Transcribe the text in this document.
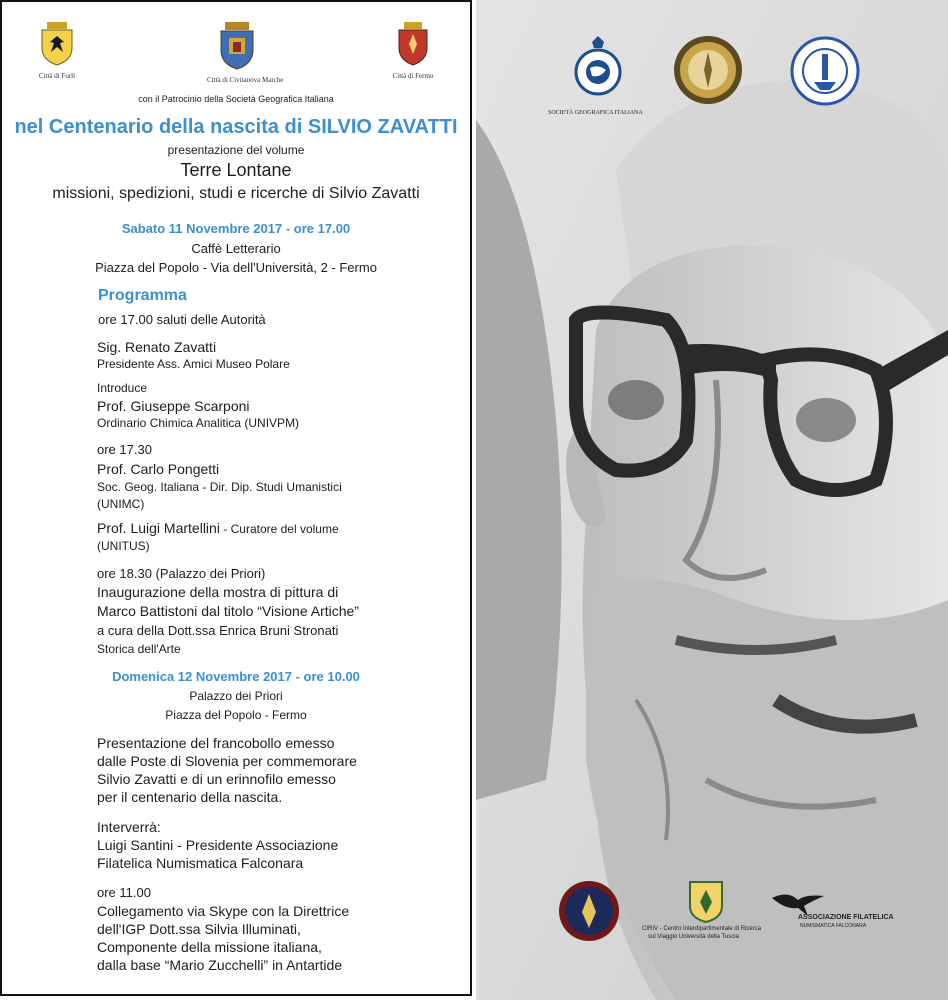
Città di Forlì	Città di Civitanova Marche	Città di Fermo
con il Patrocinio della Società Geografica Italiana
nel Centenario della nascita di SILVIO ZAVATTI
presentazione del volume
Terre Lontane
missioni, spedizioni, studi e ricerche di Silvio Zavatti
Sabato 11 Novembre 2017 - ore 17.00
Caffè Letterario
Piazza del Popolo - Via dell'Università, 2 - Fermo
Programma
ore 17.00 saluti delle Autorità
Sig. Renato Zavatti
Presidente Ass. Amici Museo Polare
Introduce
Prof. Giuseppe Scarponi
Ordinario Chimica Analitica (UNIVPM)
ore 17.30
Prof. Carlo Pongetti
Soc. Geog. Italiana - Dir. Dip. Studi Umanistici
(UNIMC)
Prof. Luigi Martellini - Curatore del volume
(UNITUS)
ore 18.30 (Palazzo dei Priori)
Inaugurazione della mostra di pittura di
Marco Battistoni dal titolo “Visione Artiche”
a cura della Dott.ssa Enrica Bruni Stronati
Storica dell'Arte
Domenica 12 Novembre 2017 - ore 10.00
Palazzo dei Priori
Piazza del Popolo - Fermo
Presentazione del francobollo emesso
dalle Poste di Slovenia per commemorare
Silvio Zavatti e di un erinnofilo emesso
per il centenario della nascita.
Interverrà:
Luigi Santini - Presidente Associazione
Filatelica Numismatica Falconara
ore 11.00
Collegamento via Skype con la Direttrice
dell'IGP Dott.ssa Silvia Illuminati,
Componente della missione italiana,
dalla base “Mario Zucchelli” in Antartide
SOCIETÀ GEOGRAFICA ITALIANA
CIRIV - Centro Interdipartimentale di Ricerca
sul Viaggio Università della Tuscia
ASSOCIAZIONE FILATELICA
NUMISMATICA FALCONARA
